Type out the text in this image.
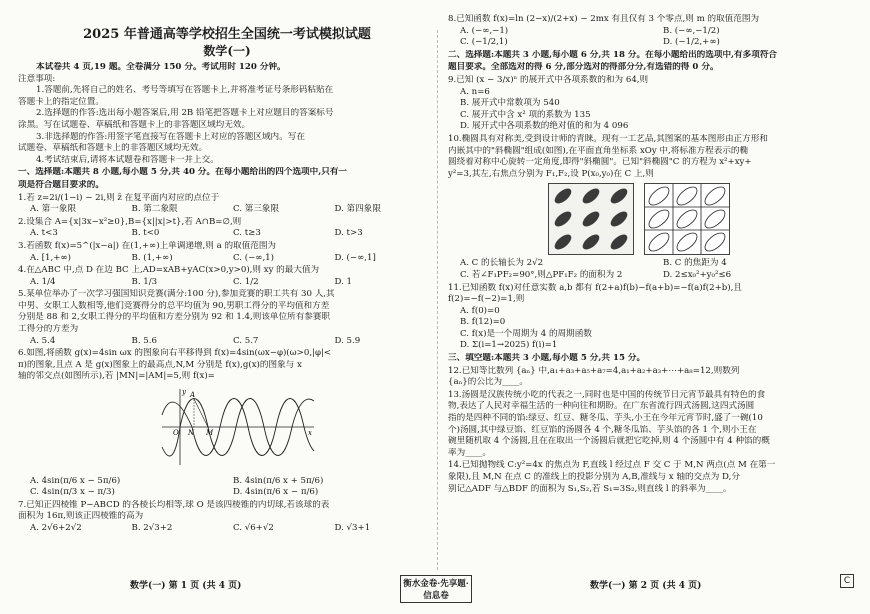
2025 年普通高等学校招生全国统一考试模拟试题
数学(一)
本试卷共 4 页,19 题。全卷满分 150 分。考试用时 120 分钟。
注意事项:
1.答题前,先将自己的姓名、考号等填写在答题卡上,并将准考证号条形码粘贴在
答题卡上的指定位置。
2.选择题的作答:选出每小题答案后,用 2B 铅笔把答题卡上对应题目的答案标号
涂黑。写在试题卷、草稿纸和答题卡上的非答题区域均无效。
3.非选择题的作答:用签字笔直接写在答题卡上对应的答题区域内。写在
试题卷、草稿纸和答题卡上的非答题区域均无效。
4.考试结束后,请将本试题卷和答题卡一并上交。
一、选择题:本题共 8 小题,每小题 5 分,共 40 分。在每小题给出的四个选项中,只有一
项是符合题目要求的。
1.若 z=2i/(1−i) − 2i,则 z̄ 在复平面内对应的点位于
A. 第一象限	B. 第二象限	C. 第三象限	D. 第四象限
2.设集合 A={x|3x−x²≥0},B={x||x|>t},若 A∩B=∅,则
A. t<3	B. t<0	C. t≥3	D. t>3
3.若函数 f(x)=5^(|x−a|) 在(1,+∞)上单调递增,则 a 的取值范围为
A. [1,+∞)	B. (1,+∞)	C. (−∞,1)	D. (−∞,1]
4.在△ABC 中,点 D 在边 BC 上,AD=xAB+yAC(x>0,y>0),则 xy 的最大值为
A. 1/4	B. 1/3	C. 1/2	D. 1
5.某单位举办了一次学习强国知识竞赛(满分:100 分),参加竞赛的职工共有 30 人,其
中男、女职工人数相等,他们竞赛得分的总平均值为 90,男职工得分的平均值和方差
分别是 88 和 2,女职工得分的平均值和方差分别为 92 和 1.4,则该单位所有参赛职
工得分的方差为
A. 5.4	B. 5.6	C. 5.7	D. 5.9
6.如图,将函数 g(x)=4sin ωx 的图象向右平移得到 f(x)=4sin(ωx−φ)(ω>0,|φ|<
π)的图象,且点 A 是 g(x)图象上的最高点,N,M 分别是 f(x),g(x)的图象与 x
轴的邻交点(如图所示),若 |MN|=|AM|=5,则 f(x)=
y A
N M	x
O
A. 4sin(π/6 x − 5π/6)	B. 4sin(π/6 x + 5π/6)
C. 4sin(π/3 x − π/3)	D. 4sin(π/6 x − π/6)
7.已知正四棱锥 P−ABCD 的各棱长均相等,球 O 是该四棱锥的内切球,若该球的表
面积为 16π,则该正四棱锥的高为
A. 2√6+2√2	B. 2√3+2	C. √6+√2	D. √3+1
8.已知函数 f(x)=ln (2−x)/(2+x) − 2mx 有且仅有 3 个零点,则 m 的取值范围为
A. (−∞,−1)	B. (−∞,−1/2)
C. (−1/2,1)	D. (−1/2,+∞)
二、选择题:本题共 3 小题,每小题 6 分,共 18 分。在每小题给出的选项中,有多项符合
题目要求。全部选对的得 6 分,部分选对的得部分分,有选错的得 0 分。
9.已知 (x − 3/x)ⁿ 的展开式中各项系数的和为 64,则
A. n=6
B. 展开式中常数项为 540
C. 展开式中含 x² 项的系数为 135
D. 展开式中各项系数的绝对值的和为 4 096
10.椭圆具有对称美,受到设计师的青睐。现有一工艺品,其图案的基本图形由正方形和
内嵌其中的"斜椭圆"组成(如图),在平面直角坐标系 xOy 中,将标准方程表示的椭
圆绕着对称中心旋转一定角度,即得"斜椭圆"。已知"斜椭圆"C 的方程为 x²+xy+
y²=3,其左,右焦点分别为 F₁,F₂,设 P(x₀,y₀)在 C 上,则
A. C 的长轴长为 2√2	B. C 的焦距为 4
C. 若∠F₁PF₂=90°,则△PF₁F₂ 的面积为 2	D. 2≤x₀²+y₀²≤6
11.已知函数 f(x)对任意实数 a,b 都有 f(2+a)f(b)−f(a+b)=−f(a)f(2+b),且
f(2)=−f(−2)=1,则
A. f(0)=0
B. f(12)=0
C. f(x)是一个周期为 4 的周期函数
D. Σ(i=1→2025) f(i)=1
三、填空题:本题共 3 小题,每小题 5 分,共 15 分。
12.已知等比数列 {aₙ} 中,a₁+a₃+a₅+a₇=4,a₁+a₂+a₃+⋯+a₈=12,则数列
{aₙ}的公比为____。
13.汤圆是汉族传统小吃的代表之一,同时也是中国的传统节日元宵节最具有特色的食
物,表达了人民对幸福生活的一种向往和期盼。在广东省流行四式汤圆,这四式汤圆
指的是四种不同的馅:绿豆、红豆、糖冬瓜、芋头,小王在今年元宵节时,盛了一碗(10
个)汤圆,其中绿豆馅、红豆馅的汤圆各 4 个,糖冬瓜馅、芋头馅的各 1 个,则小王在
碗里随机取 4 个汤圆,且在在取出一个汤圆后就把它吃掉,则 4 个汤圆中有 4 种馅的概
率为____。
14.已知抛物线 C:y²=4x 的焦点为 F,直线 l 经过点 F 交 C 于 M,N 两点(点 M 在第一
象限),且 M,N 在点 C 的准线上的投影分别为 A,B,准线与 x 轴的交点为 D,分
别记△ADF 与△BDF 的面积为 S₁,S₂,若 S₁=3S₂,则直线 l 的斜率为____。
数学(一) 第 1 页 (共 4 页)	衡水金卷·先享题·信息卷
数学(一) 第 2 页 (共 4 页)	C
